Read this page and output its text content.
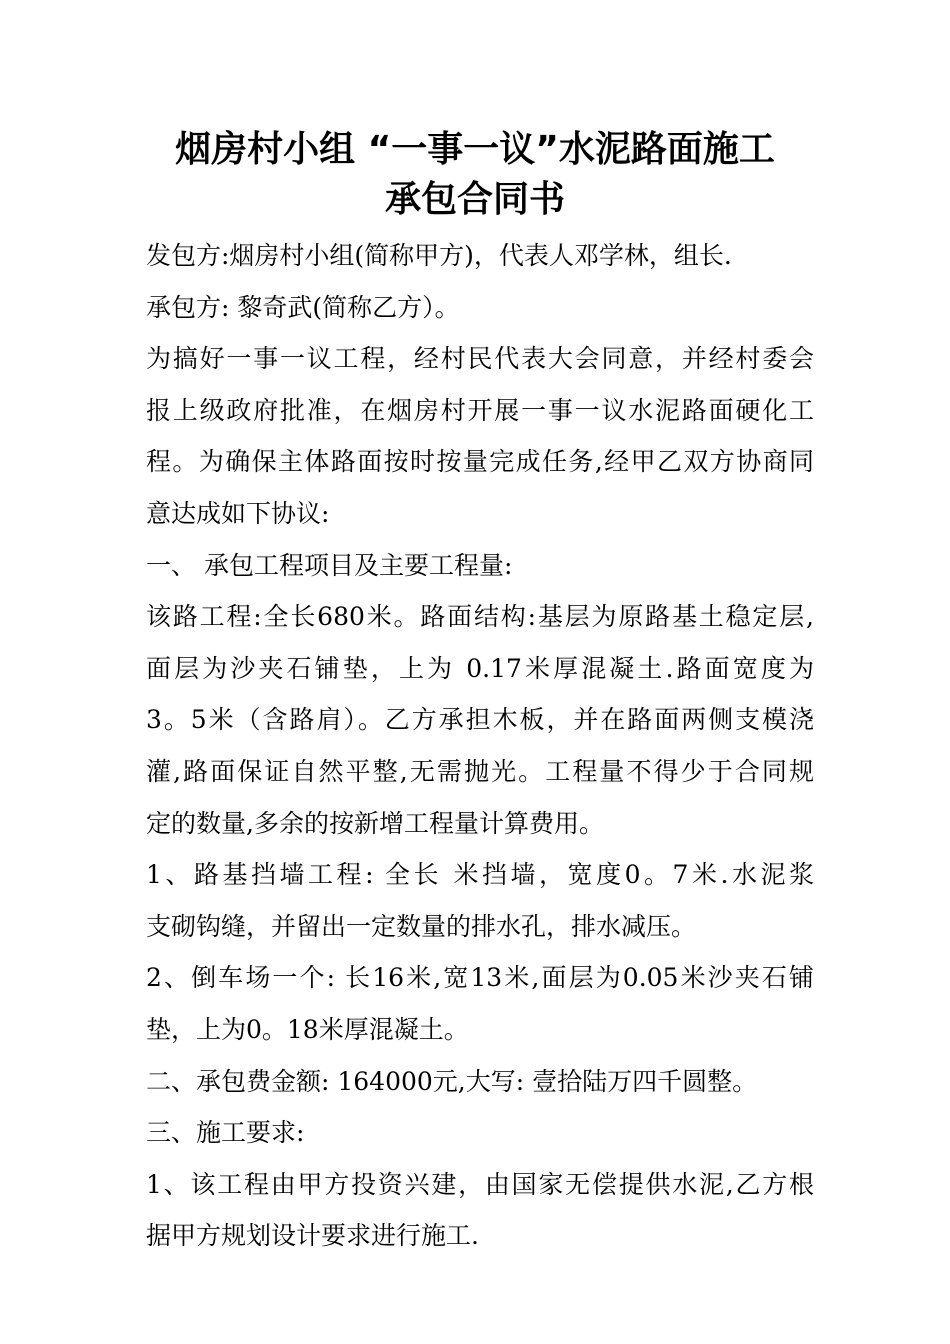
烟房村小组 “一事一议”水泥路面施工
承包合同书
发包方:烟房村小组(简称甲方)，代表人邓学林，组长.
承包方: 黎奇武(简称乙方）。
为搞好一事一议工程，经村民代表大会同意，并经村委会
报上级政府批准，在烟房村开展一事一议水泥路面硬化工
程。为确保主体路面按时按量完成任务,经甲乙双方协商同
意达成如下协议:
一、 承包工程项目及主要工程量:
该路工程:全长680米。路面结构:基层为原路基土稳定层,
面层为沙夹石铺垫，上为 0.17米厚混凝土.路面宽度为
3。5米（含路肩）。乙方承担木板，并在路面两侧支模浇
灌,路面保证自然平整,无需抛光。工程量不得少于合同规
定的数量,多余的按新增工程量计算费用。
1、路基挡墙工程: 全长 米挡墙，宽度0。7米.水泥浆
支砌钩缝，并留出一定数量的排水孔，排水减压。
2、倒车场一个: 长16米,宽13米,面层为0.05米沙夹石铺
垫，上为0。18米厚混凝土。
二、承包费金额: 164000元,大写: 壹拾陆万四千圆整。
三、施工要求:
1、该工程由甲方投资兴建，由国家无偿提供水泥,乙方根
据甲方规划设计要求进行施工.
